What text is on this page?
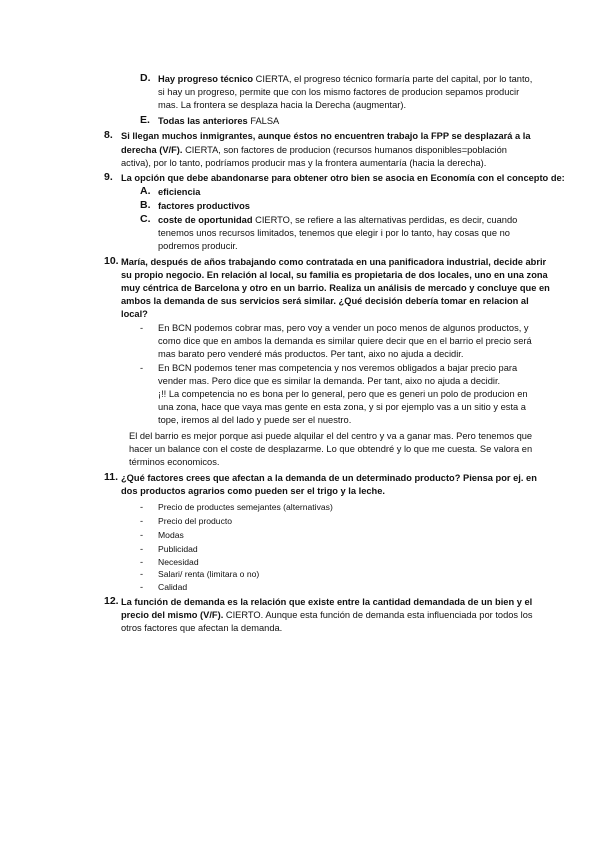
D. Hay progreso técnico CIERTA, el progreso técnico formaría parte del capital, por lo tanto,
si hay un progreso, permite que con los mismo factores de producion sepamos producir
mas. La frontera se desplaza hacia la Derecha (augmentar).
E. Todas las anteriores FALSA
8. Si llegan muchos inmigrantes, aunque éstos no encuentren trabajo la FPP se desplazará a la
derecha (V/F). CIERTA, son factores de producion (recursos humanos disponibles=población
activa), por lo tanto, podríamos producir mas y la frontera aumentaría (hacia la derecha).
9. La opción que debe abandonarse para obtener otro bien se asocia en Economía con el concepto de:
A. eficiencia
B. factores productivos
C. coste de oportunidad CIERTO, se refiere a las alternativas perdidas, es decir, cuando
tenemos unos recursos limitados, tenemos que elegir i por lo tanto, hay cosas que no
podremos producir.
10. María, después de años trabajando como contratada en una panificadora industrial, decide abrir
su propio negocio. En relación al local, su familia es propietaria de dos locales, uno en una zona
muy céntrica de Barcelona y otro en un barrio. Realiza un análisis de mercado y concluye que en
ambos la demanda de sus servicios será similar. ¿Qué decisión debería tomar en relacion al
local?
- En BCN podemos cobrar mas, pero voy a vender un poco menos de algunos productos, y
como dice que en ambos la demanda es similar quiere decir que en el barrio el precio será
mas barato pero venderé más productos. Per tant, aixo no ajuda a decidir.
- En BCN podemos tener mas competencia y nos veremos obligados a bajar precio para
vender mas. Pero dice que es similar la demanda. Per tant, aixo no ajuda a decidir.
¡!! La competencia no es bona per lo general, pero que es generi un polo de producion en
una zona, hace que vaya mas gente en esta zona, y si por ejemplo vas a un sitio y esta a
tope, iremos al del lado y puede ser el nuestro.
El del barrio es mejor porque asi puede alquilar el del centro y va a ganar mas. Pero tenemos que
hacer un balance con el coste de desplazarme. Lo que obtendré y lo que me cuesta. Se valora en
términos economicos.
11. ¿Qué factores crees que afectan a la demanda de un determinado producto? Piensa por ej. en
dos productos agrarios como pueden ser el trigo y la leche.
- Precio de productes semejantes (alternativas)
- Precio del producto
- Modas
- Publicidad
- Necesidad
- Salari/ renta (limitara o no)
- Calidad
12. La función de demanda es la relación que existe entre la cantidad demandada de un bien y el
precio del mismo (V/F). CIERTO. Aunque esta función de demanda esta influenciada por todos los
otros factores que afectan la demanda.
